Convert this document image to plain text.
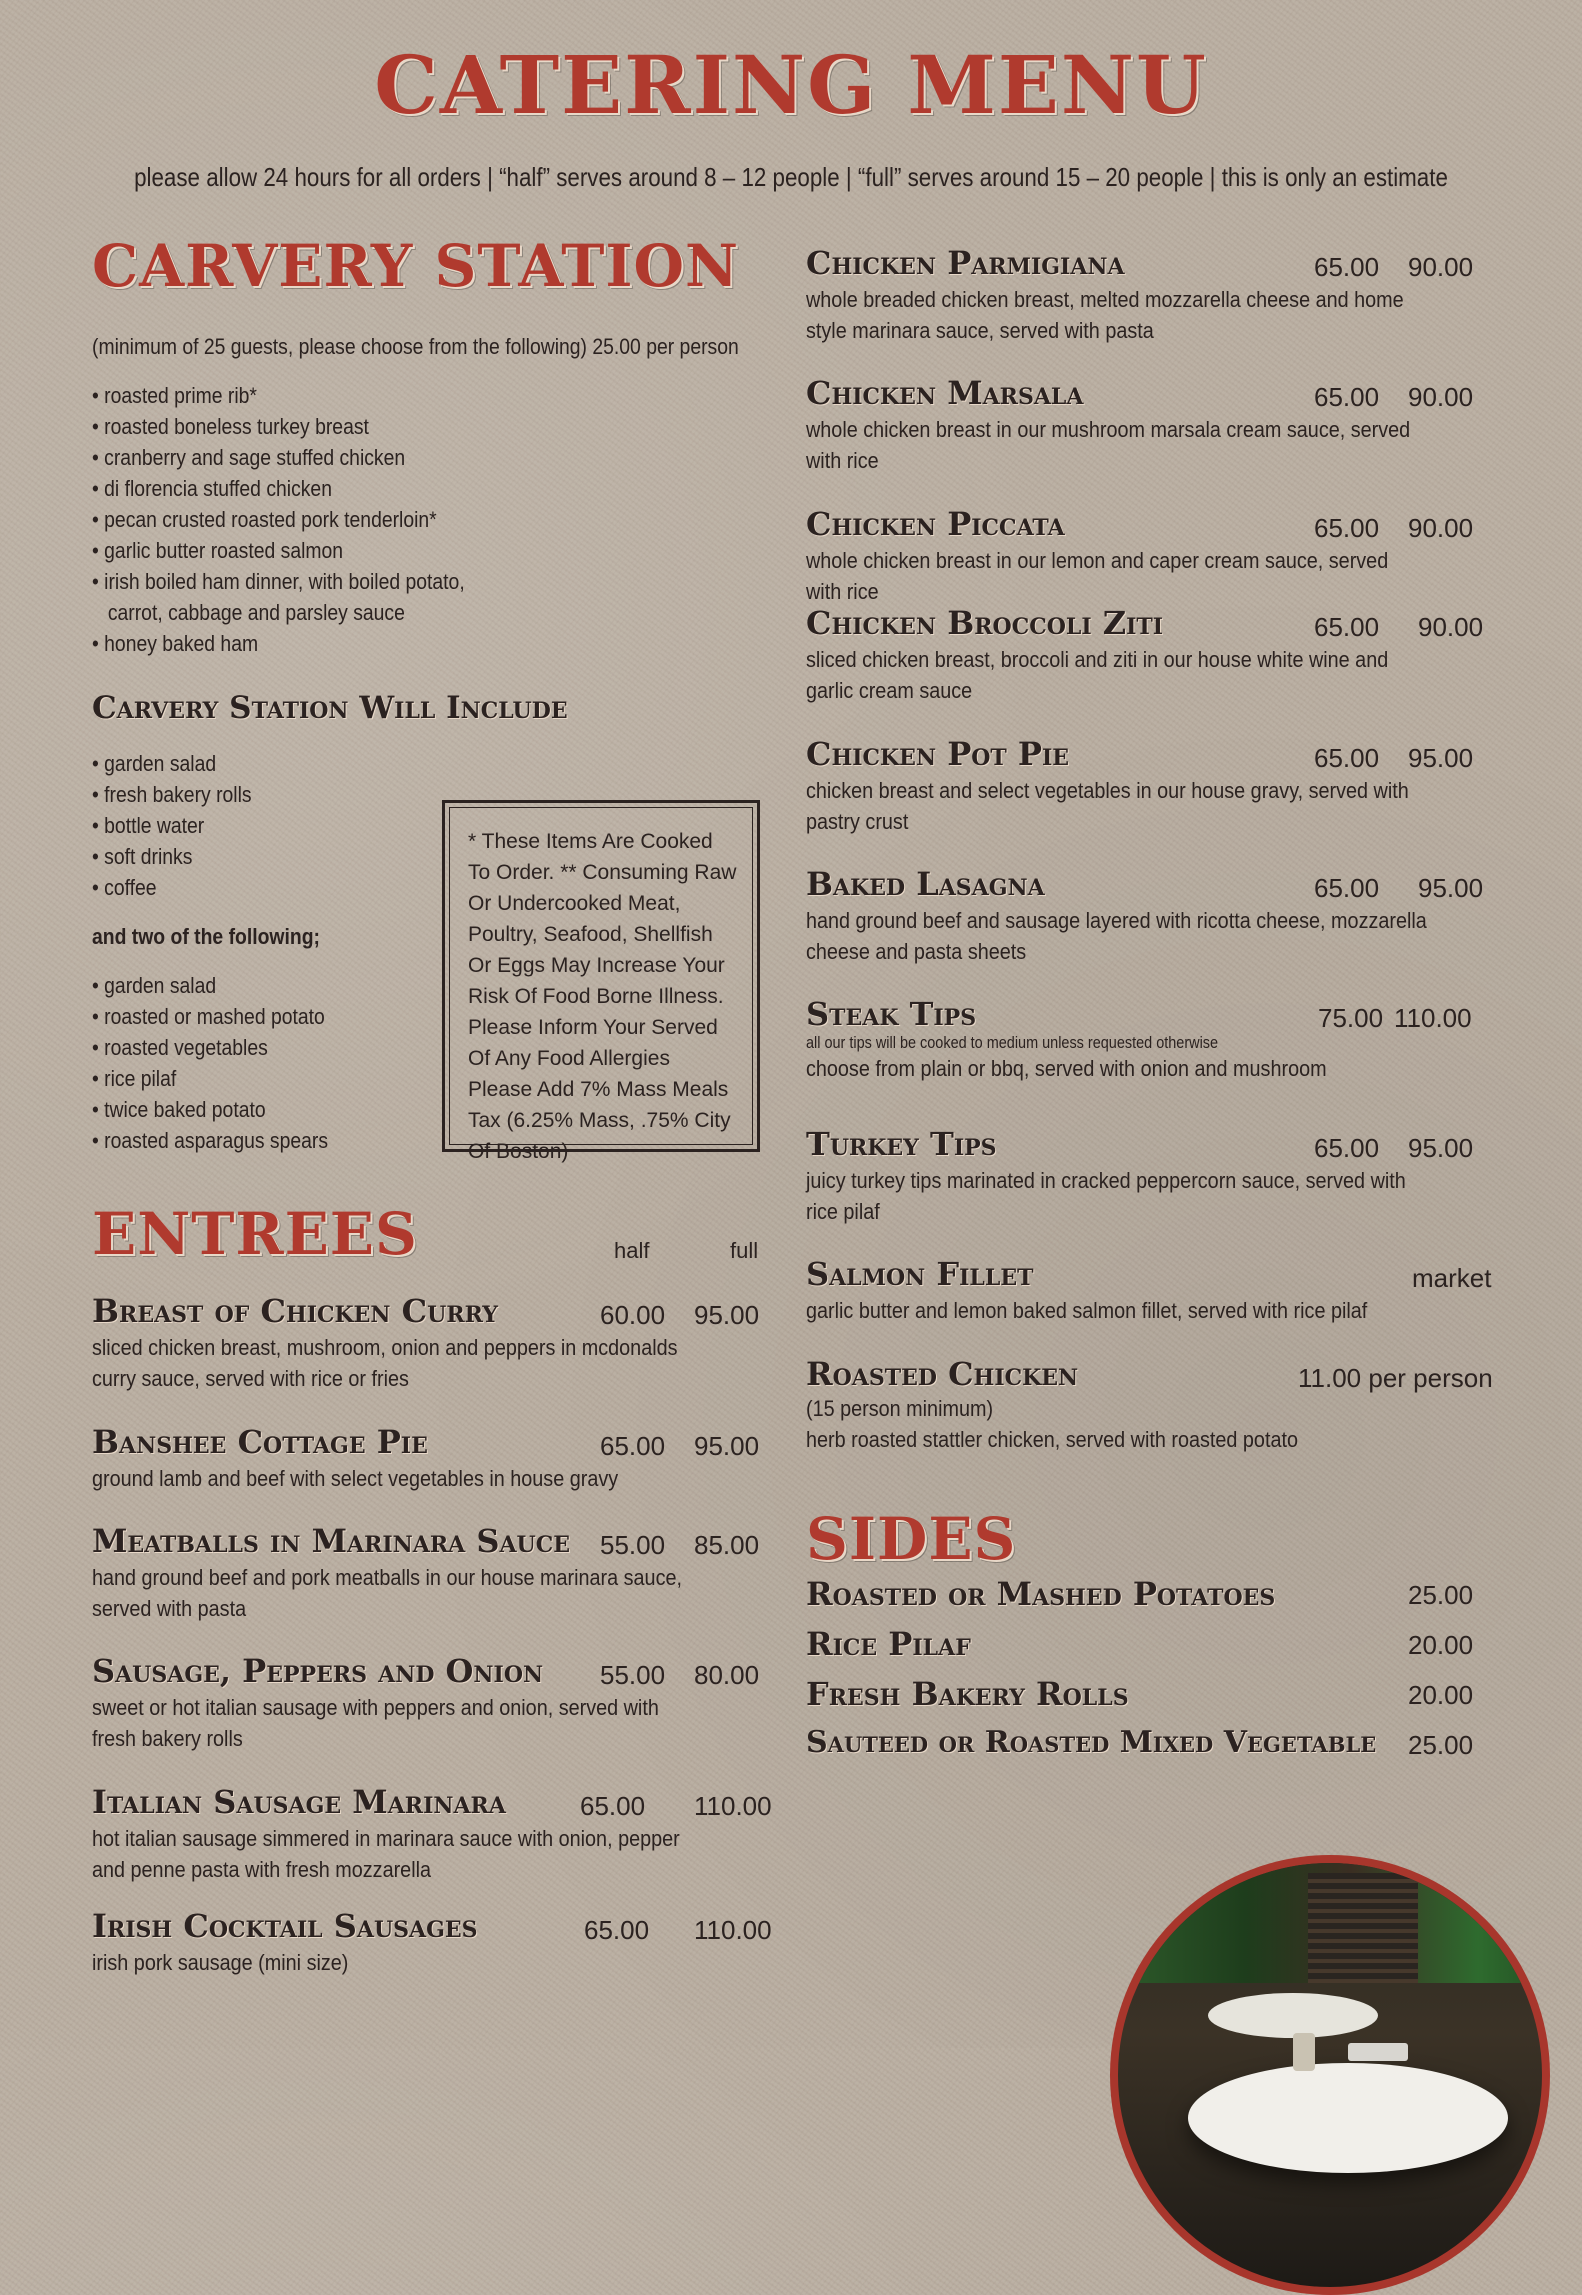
CATERING MENU
please allow 24 hours for all orders | “half” serves around 8 – 12 people | “full” serves around 15 – 20 people | this is only an estimate
CARVERY STATION
(minimum of 25 guests, please choose from the following) 25.00 per person
• roasted prime rib*
• roasted boneless turkey breast
• cranberry and sage stuffed chicken
• di florencia stuffed chicken
• pecan crusted roasted pork tenderloin*
• garlic butter roasted salmon
• irish boiled ham dinner, with boiled potato, carrot, cabbage and parsley sauce
• honey baked ham
Carvery Station Will Include
• garden salad
• fresh bakery rolls
• bottle water
• soft drinks
• coffee
and two of the following;
• garden salad
• roasted or mashed potato
• roasted vegetables
• rice pilaf
• twice baked potato
• roasted asparagus spears

* These Items Are Cooked To Order. ** Consuming Raw Or Undercooked Meat, Poultry, Seafood, Shellfish Or Eggs May Increase Your Risk Of Food Borne Illness. Please Inform Your Served Of Any Food Allergies Please Add 7% Mass Meals Tax (6.25% Mass, .75% City Of Boston)

ENTREES	half	full
Breast of Chicken Curry
sliced chicken breast, mushroom, onion and peppers in mcdonalds curry sauce, served with rice or fries
60.00 95.00
Banshee Cottage Pie
ground lamb and beef with select vegetables in house gravy
65.00 95.00
Meatballs in Marinara Sauce
hand ground beef and pork meatballs in our house marinara sauce, served with pasta
55.00 85.00
Sausage, Peppers and Onion
sweet or hot italian sausage with peppers and onion, served with fresh bakery rolls
55.00 80.00
Italian Sausage Marinara
hot italian sausage simmered in marinara sauce with onion, pepper and penne pasta with fresh mozzarella
65.00 110.00
Irish Cocktail Sausages
irish pork sausage (mini size)
65.00 110.00
Chicken Parmigiana
whole breaded chicken breast, melted mozzarella cheese and home style marinara sauce, served with pasta
65.00 90.00
Chicken Marsala
whole chicken breast in our mushroom marsala cream sauce, served with rice
65.00 90.00
Chicken Piccata
whole chicken breast in our lemon and caper cream sauce, served with rice
65.00 90.00
Chicken Broccoli Ziti
sliced chicken breast, broccoli and ziti in our house white wine and garlic cream sauce
65.00 90.00
Chicken Pot Pie
chicken breast and select vegetables in our house gravy, served with pastry crust
65.00 95.00
Baked Lasagna
hand ground beef and sausage layered with ricotta cheese, mozzarella cheese and pasta sheets
65.00 95.00
Steak Tips
all our tips will be cooked to medium unless requested otherwise
choose from plain or bbq, served with onion and mushroom
75.00 110.00
Turkey Tips
juicy turkey tips marinated in cracked peppercorn sauce, served with rice pilaf
65.00 95.00
Salmon Fillet
garlic butter and lemon baked salmon fillet, served with rice pilaf
market
Roasted Chicken
(15 person minimum)
herb roasted stattler chicken, served with roasted potato
11.00 per person
SIDES
Roasted or Mashed Potatoes	25.00
Rice Pilaf	20.00
Fresh Bakery Rolls	20.00
Sauteed or Roasted Mixed Vegetable 25.00
